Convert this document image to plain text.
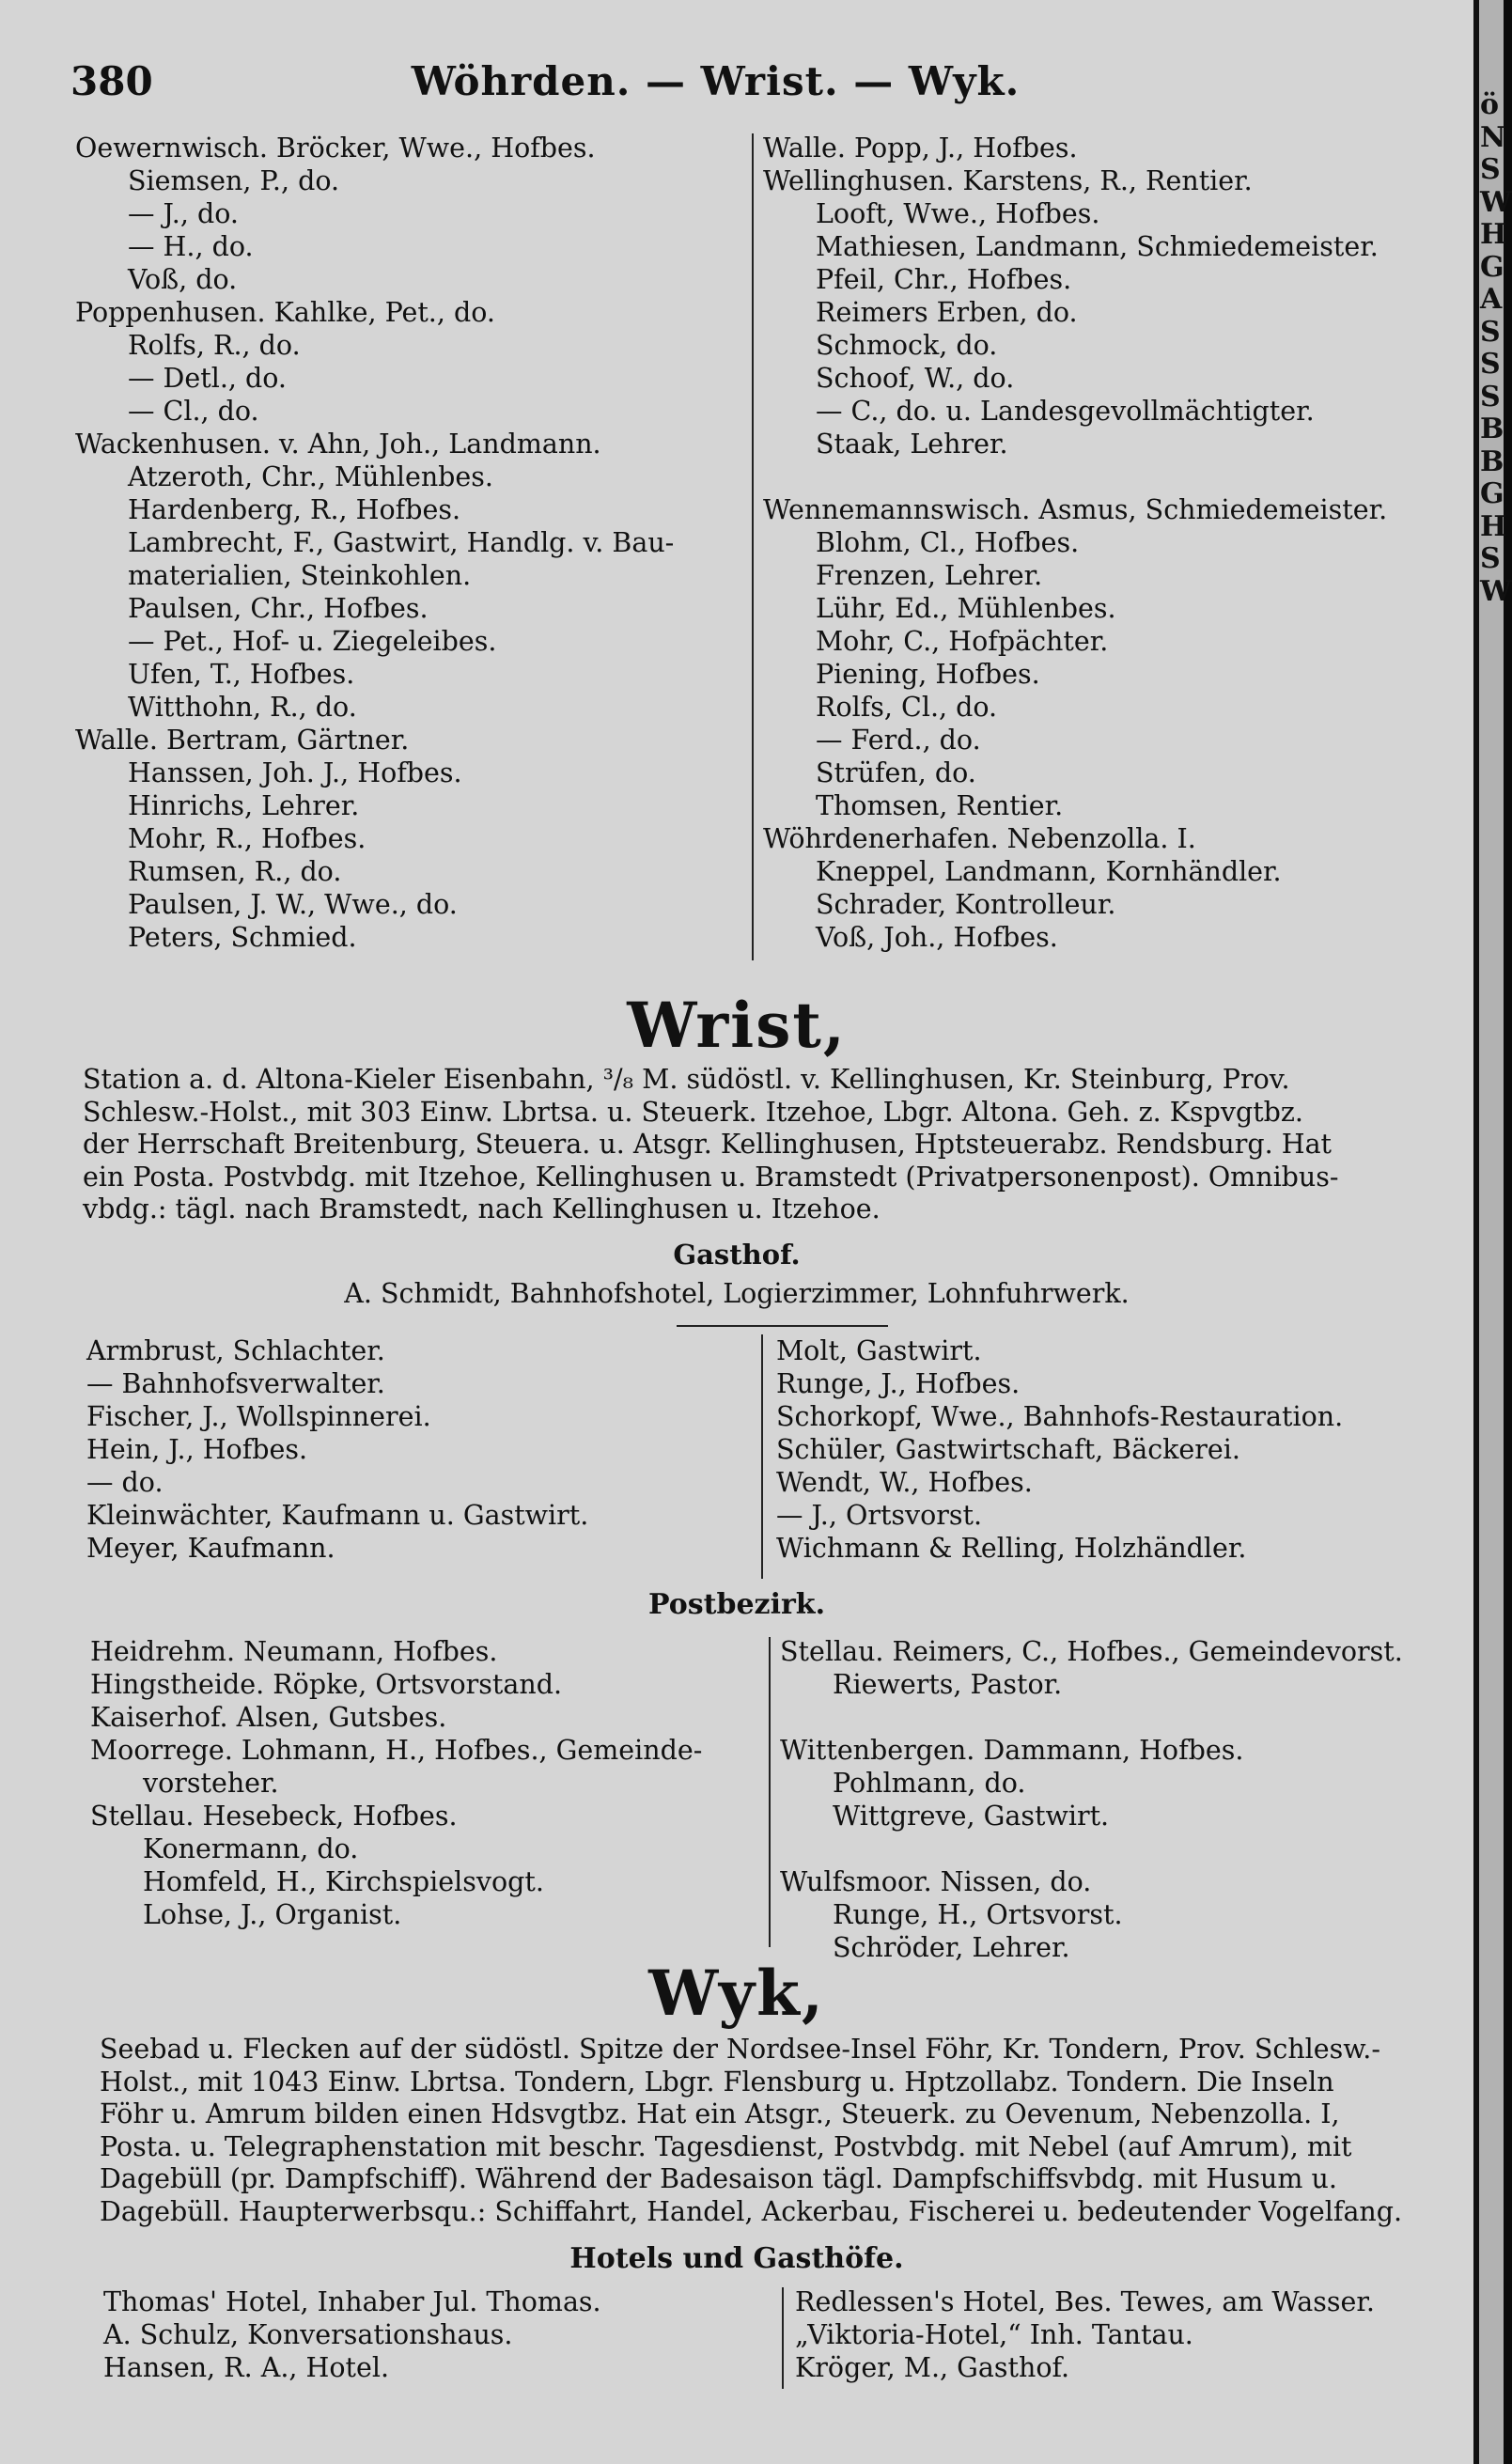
380	Wöhrden. — Wrist. — Wyk.
Oewernwisch. Bröcker, Wwe., Hofbes.
Siemsen, P., do.
— J., do.
— H., do.
Voß, do.
Poppenhusen. Kahlke, Pet., do.
Rolfs, R., do.
— Detl., do.
— Cl., do.
Wackenhusen. v. Ahn, Joh., Landmann.
Atzeroth, Chr., Mühlenbes.
Hardenberg, R., Hofbes.
Lambrecht, F., Gastwirt, Handlg. v. Bau-
materialien, Steinkohlen.
Paulsen, Chr., Hofbes.
— Pet., Hof- u. Ziegeleibes.
Ufen, T., Hofbes.
Witthohn, R., do.
Walle. Bertram, Gärtner.
Hanssen, Joh. J., Hofbes.
Hinrichs, Lehrer.
Mohr, R., Hofbes.
Rumsen, R., do.
Paulsen, J. W., Wwe., do.
Peters, Schmied.
Walle. Popp, J., Hofbes.
Wellinghusen. Karstens, R., Rentier.
Looft, Wwe., Hofbes.
Mathiesen, Landmann, Schmiedemeister.
Pfeil, Chr., Hofbes.
Reimers Erben, do.
Schmock, do.
Schoof, W., do.
— C., do. u. Landesgevollmächtigter.
Staak, Lehrer.

Wennemannswisch. Asmus, Schmiedemeister.
Blohm, Cl., Hofbes.
Frenzen, Lehrer.
Lühr, Ed., Mühlenbes.
Mohr, C., Hofpächter.
Piening, Hofbes.
Rolfs, Cl., do.
— Ferd., do.
Strüfen, do.
Thomsen, Rentier.
Wöhrdenerhafen. Nebenzolla. I.
Kneppel, Landmann, Kornhändler.
Schrader, Kontrolleur.
Voß, Joh., Hofbes.
Wrist,
Station a. d. Altona-Kieler Eisenbahn, ³/₈ M. südöstl. v. Kellinghusen, Kr. Steinburg, Prov.
Schlesw.-Holst., mit 303 Einw. Lbrtsa. u. Steuerk. Itzehoe, Lbgr. Altona. Geh. z. Kspvgtbz.
der Herrschaft Breitenburg, Steuera. u. Atsgr. Kellinghusen, Hptsteuerabz. Rendsburg. Hat
ein Posta. Postvbdg. mit Itzehoe, Kellinghusen u. Bramstedt (Privatpersonenpost). Omnibus-
vbdg.: tägl. nach Bramstedt, nach Kellinghusen u. Itzehoe.
Gasthof.
A. Schmidt, Bahnhofshotel, Logierzimmer, Lohnfuhrwerk.
Armbrust, Schlachter.
— Bahnhofsverwalter.
Fischer, J., Wollspinnerei.
Hein, J., Hofbes.
— do.
Kleinwächter, Kaufmann u. Gastwirt.
Meyer, Kaufmann.
Molt, Gastwirt.
Runge, J., Hofbes.
Schorkopf, Wwe., Bahnhofs-Restauration.
Schüler, Gastwirtschaft, Bäckerei.
Wendt, W., Hofbes.
— J., Ortsvorst.
Wichmann & Relling, Holzhändler.
Postbezirk.
Heidrehm. Neumann, Hofbes.
Hingstheide. Röpke, Ortsvorstand.
Kaiserhof. Alsen, Gutsbes.
Moorrege. Lohmann, H., Hofbes., Gemeinde-
vorsteher.
Stellau. Hesebeck, Hofbes.
Konermann, do.
Homfeld, H., Kirchspielsvogt.
Lohse, J., Organist.
Stellau. Reimers, C., Hofbes., Gemeindevorst.
Riewerts, Pastor.

Wittenbergen. Dammann, Hofbes.
Pohlmann, do.
Wittgreve, Gastwirt.

Wulfsmoor. Nissen, do.
Runge, H., Ortsvorst.
Schröder, Lehrer.
Wyk,
Seebad u. Flecken auf der südöstl. Spitze der Nordsee-Insel Föhr, Kr. Tondern, Prov. Schlesw.-
Holst., mit 1043 Einw. Lbrtsa. Tondern, Lbgr. Flensburg u. Hptzollabz. Tondern. Die Inseln
Föhr u. Amrum bilden einen Hdsvgtbz. Hat ein Atsgr., Steuerk. zu Oevenum, Nebenzolla. I,
Posta. u. Telegraphenstation mit beschr. Tagesdienst, Postvbdg. mit Nebel (auf Amrum), mit
Dagebüll (pr. Dampfschiff). Während der Badesaison tägl. Dampfschiffsvbdg. mit Husum u.
Dagebüll. Haupterwerbsqu.: Schiffahrt, Handel, Ackerbau, Fischerei u. bedeutender Vogelfang.
Hotels und Gasthöfe.
Thomas' Hotel, Inhaber Jul. Thomas.
A. Schulz, Konversationshaus.
Hansen, R. A., Hotel.
Redlessen's Hotel, Bes. Tewes, am Wasser.
„Viktoria-Hotel,“ Inh. Tantau.
Kröger, M., Gasthof.
ö
N
S
W
H
G
A
S
S
S
B
B
G
H
S
W
